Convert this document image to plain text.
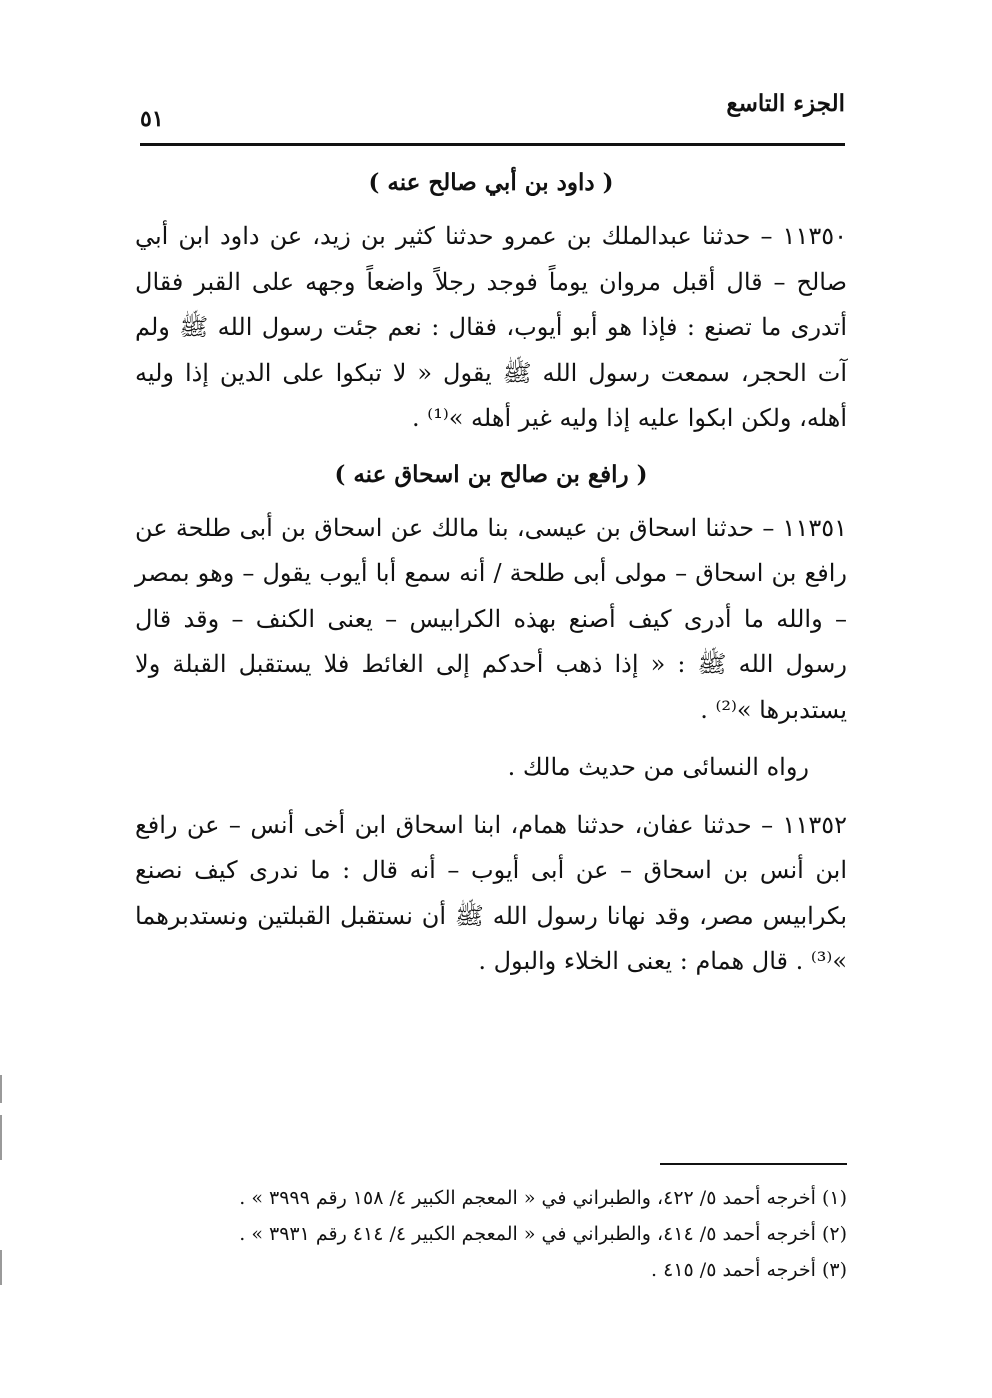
الجزء التاسع
٥١
( داود بن أبي صالح عنه )

١١٣٥٠ – حدثنا عبدالملك بن عمرو حدثنا كثير بن زيد، عن داود ابن أبي صالح – قال أقبل مروان يوماً فوجد رجلاً واضعاً وجهه على القبر فقال أتدرى ما تصنع : فإذا هو أبو أيوب، فقال : نعم جئت رسول الله ﷺ ولم آت الحجر، سمعت رسول الله ﷺ يقول « لا تبكوا على الدين إذا وليه أهله، ولكن ابكوا عليه إذا وليه غير أهله »⁽¹⁾ .

( رافع بن صالح بن اسحاق عنه )

١١٣٥١ – حدثنا اسحاق بن عيسى، بنا مالك عن اسحاق بن أبى طلحة عن رافع بن اسحاق – مولى أبى طلحة / أنه سمع أبا أيوب يقول – وهو بمصر – والله ما أدرى كيف أصنع بهذه الكرابيس – يعنى الكنف – وقد قال رسول الله ﷺ : « إذا ذهب أحدكم إلى الغائط فلا يستقبل القبلة ولا يستدبرها »⁽²⁾ .

رواه النسائى من حديث مالك .

١١٣٥٢ – حدثنا عفان، حدثنا همام، ابنا اسحاق ابن أخى أنس – عن رافع ابن أنس بن اسحاق – عن أبى أيوب – أنه قال : ما ندرى كيف نصنع بكرابيس مصر، وقد نهانا رسول الله ﷺ أن نستقبل القبلتين ونستدبرهما »⁽³⁾ . قال همام : يعنى الخلاء والبول .

(١) أخرجه أحمد ٥/ ٤٢٢، والطبراني في « المعجم الكبير ٤/ ١٥٨ رقم ٣٩٩٩ » .

(٢) أخرجه أحمد ٥/ ٤١٤، والطبراني في « المعجم الكبير ٤/ ٤١٤ رقم ٣٩٣١ » .

(٣) أخرجه أحمد ٥/ ٤١٥ .
